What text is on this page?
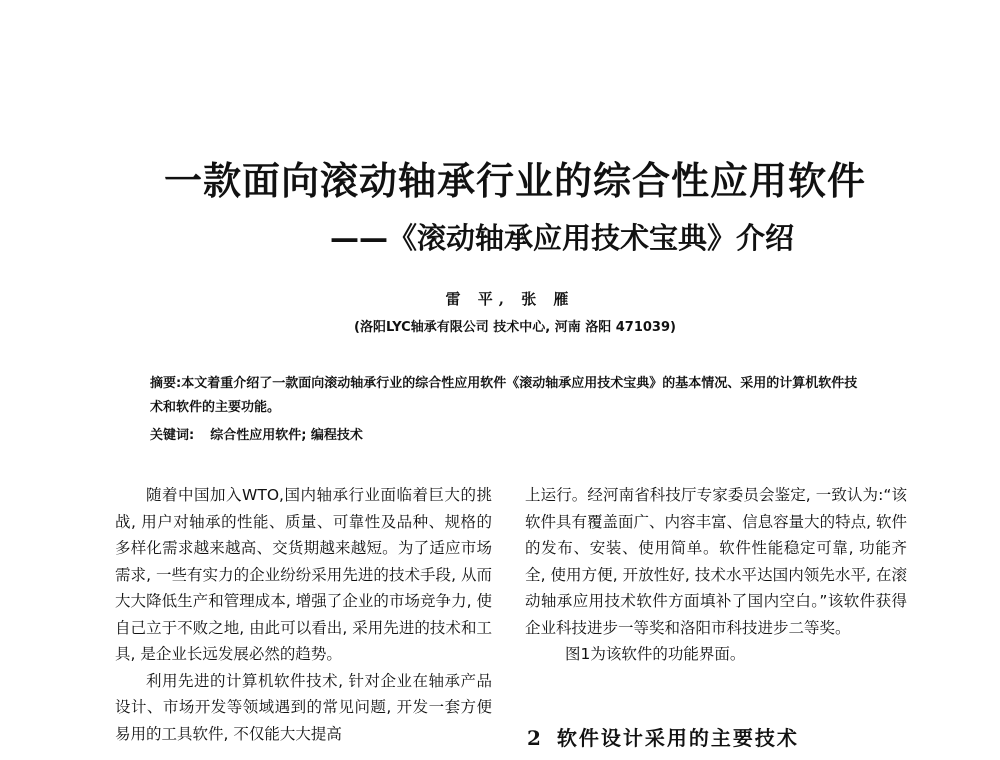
一款面向滚动轴承行业的综合性应用软件
——《滚动轴承应用技术宝典》介绍
雷 平, 张 雁
(洛阳LYC轴承有限公司 技术中心, 河南 洛阳 471039)
摘要:本文着重介绍了一款面向滚动轴承行业的综合性应用软件《滚动轴承应用技术宝典》的基本情况、采用的计算机软件技术和软件的主要功能。
关键词: 综合性应用软件; 编程技术

随着中国加入WTO,国内轴承行业面临着巨大的挑战, 用户对轴承的性能、质量、可靠性及品种、规格的多样化需求越来越高、交货期越来越短。为了适应市场需求, 一些有实力的企业纷纷采用先进的技术手段, 从而大大降低生产和管理成本, 增强了企业的市场竞争力, 使自己立于不败之地, 由此可以看出, 采用先进的技术和工具, 是企业长远发展必然的趋势。

利用先进的计算机软件技术, 针对企业在轴承产品设计、市场开发等领域遇到的常见问题, 开发一套方便易用的工具软件, 不仅能大大提高

上运行。经河南省科技厅专家委员会鉴定, 一致认为:“该软件具有覆盖面广、内容丰富、信息容量大的特点, 软件的发布、安装、使用简单。软件性能稳定可靠, 功能齐全, 使用方便, 开放性好, 技术水平达国内领先水平, 在滚动轴承应用技术软件方面填补了国内空白。”该软件获得企业科技进步一等奖和洛阳市科技进步二等奖。

图1为该软件的功能界面。

2 软件设计采用的主要技术
